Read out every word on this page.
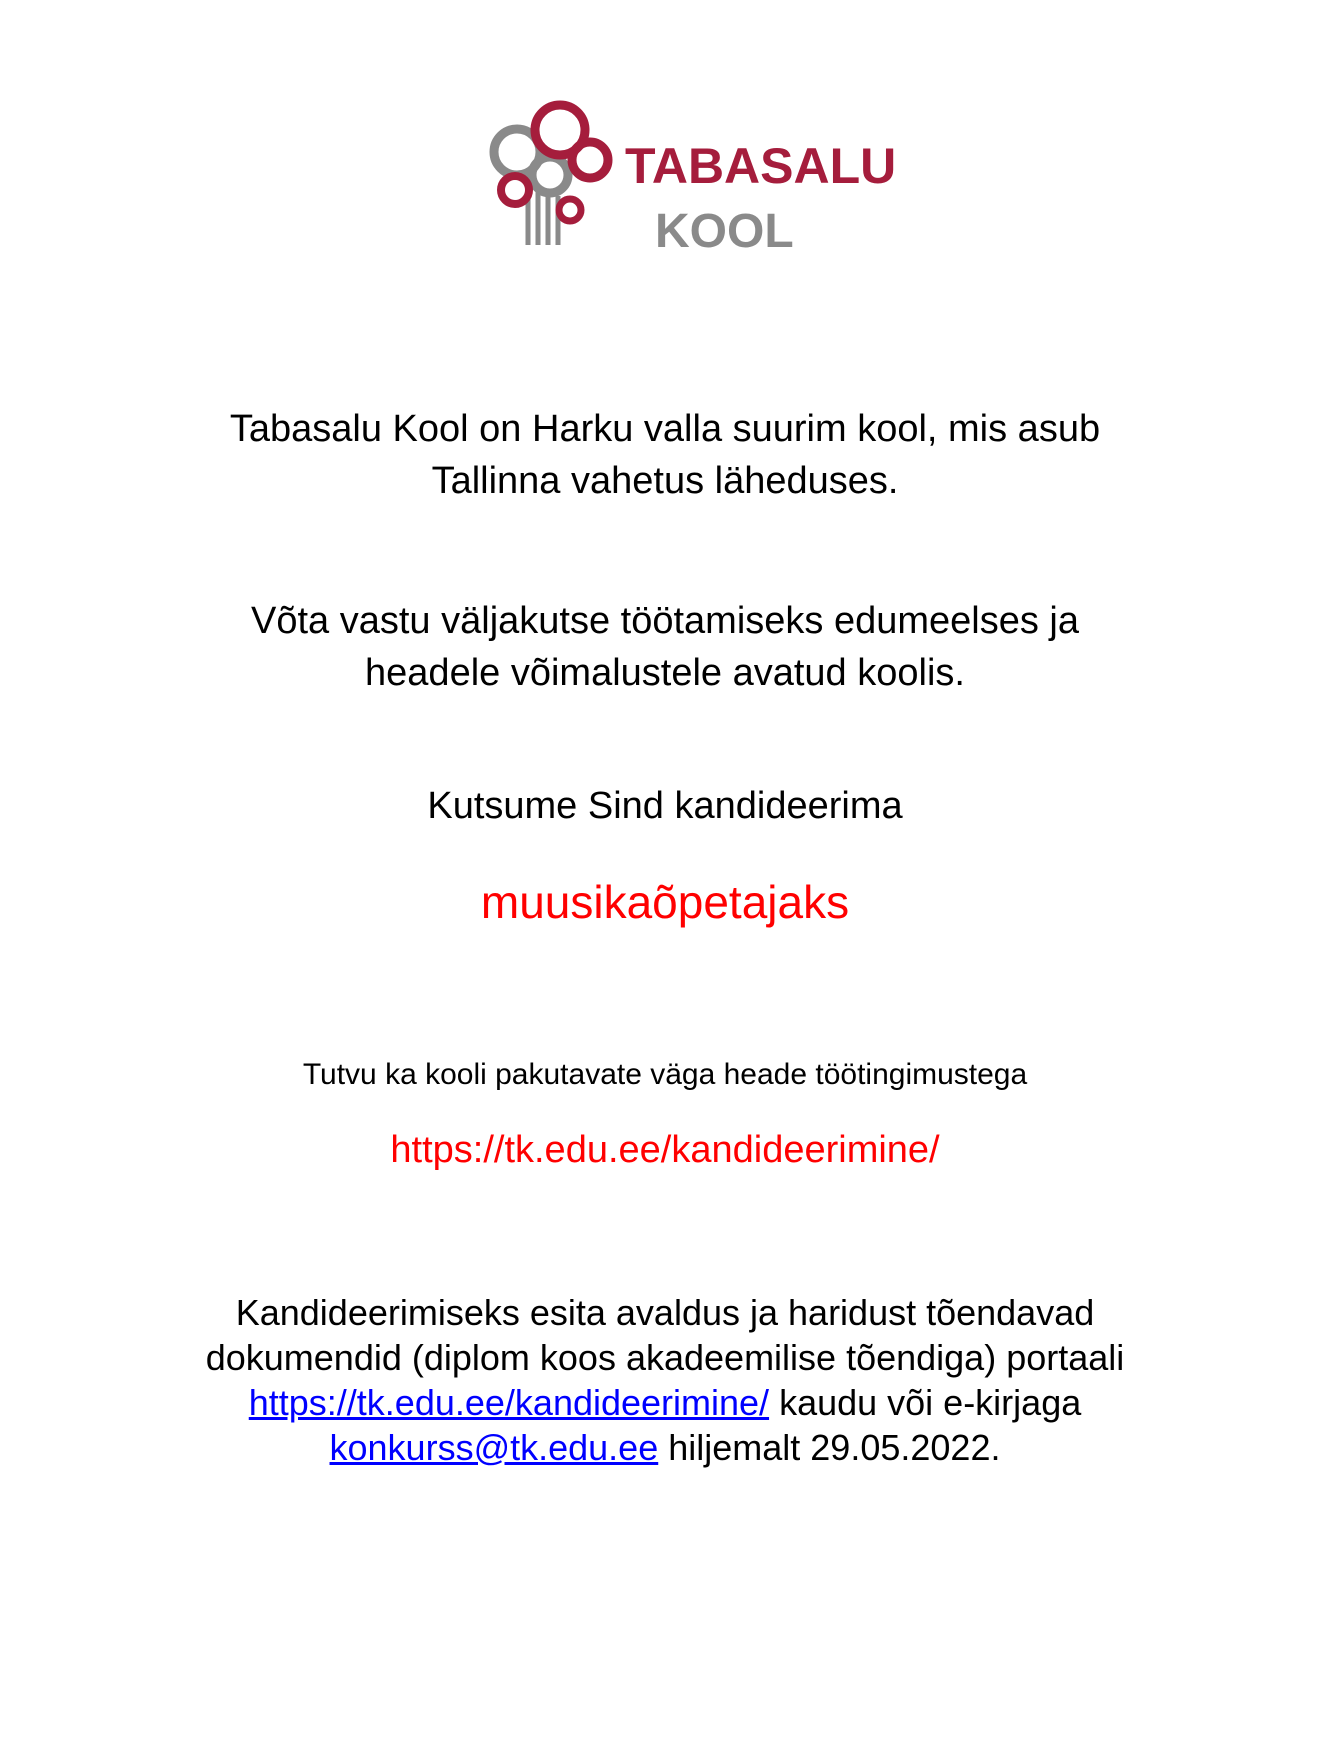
TABASALU
KOOL
Tabasalu Kool on Harku valla suurim kool, mis asub
Tallinna vahetus läheduses.
Võta vastu väljakutse töötamiseks edumeelses ja
headele võimalustele avatud koolis.
Kutsume Sind kandideerima
muusikaõpetajaks
Tutvu ka kooli pakutavate väga heade töötingimustega
https://tk.edu.ee/kandideerimine/
Kandideerimiseks esita avaldus ja haridust tõendavad
dokumendid (diplom koos akadeemilise tõendiga) portaali
https://tk.edu.ee/kandideerimine/ kaudu või e-kirjaga
konkurss@tk.edu.ee hiljemalt 29.05.2022.
